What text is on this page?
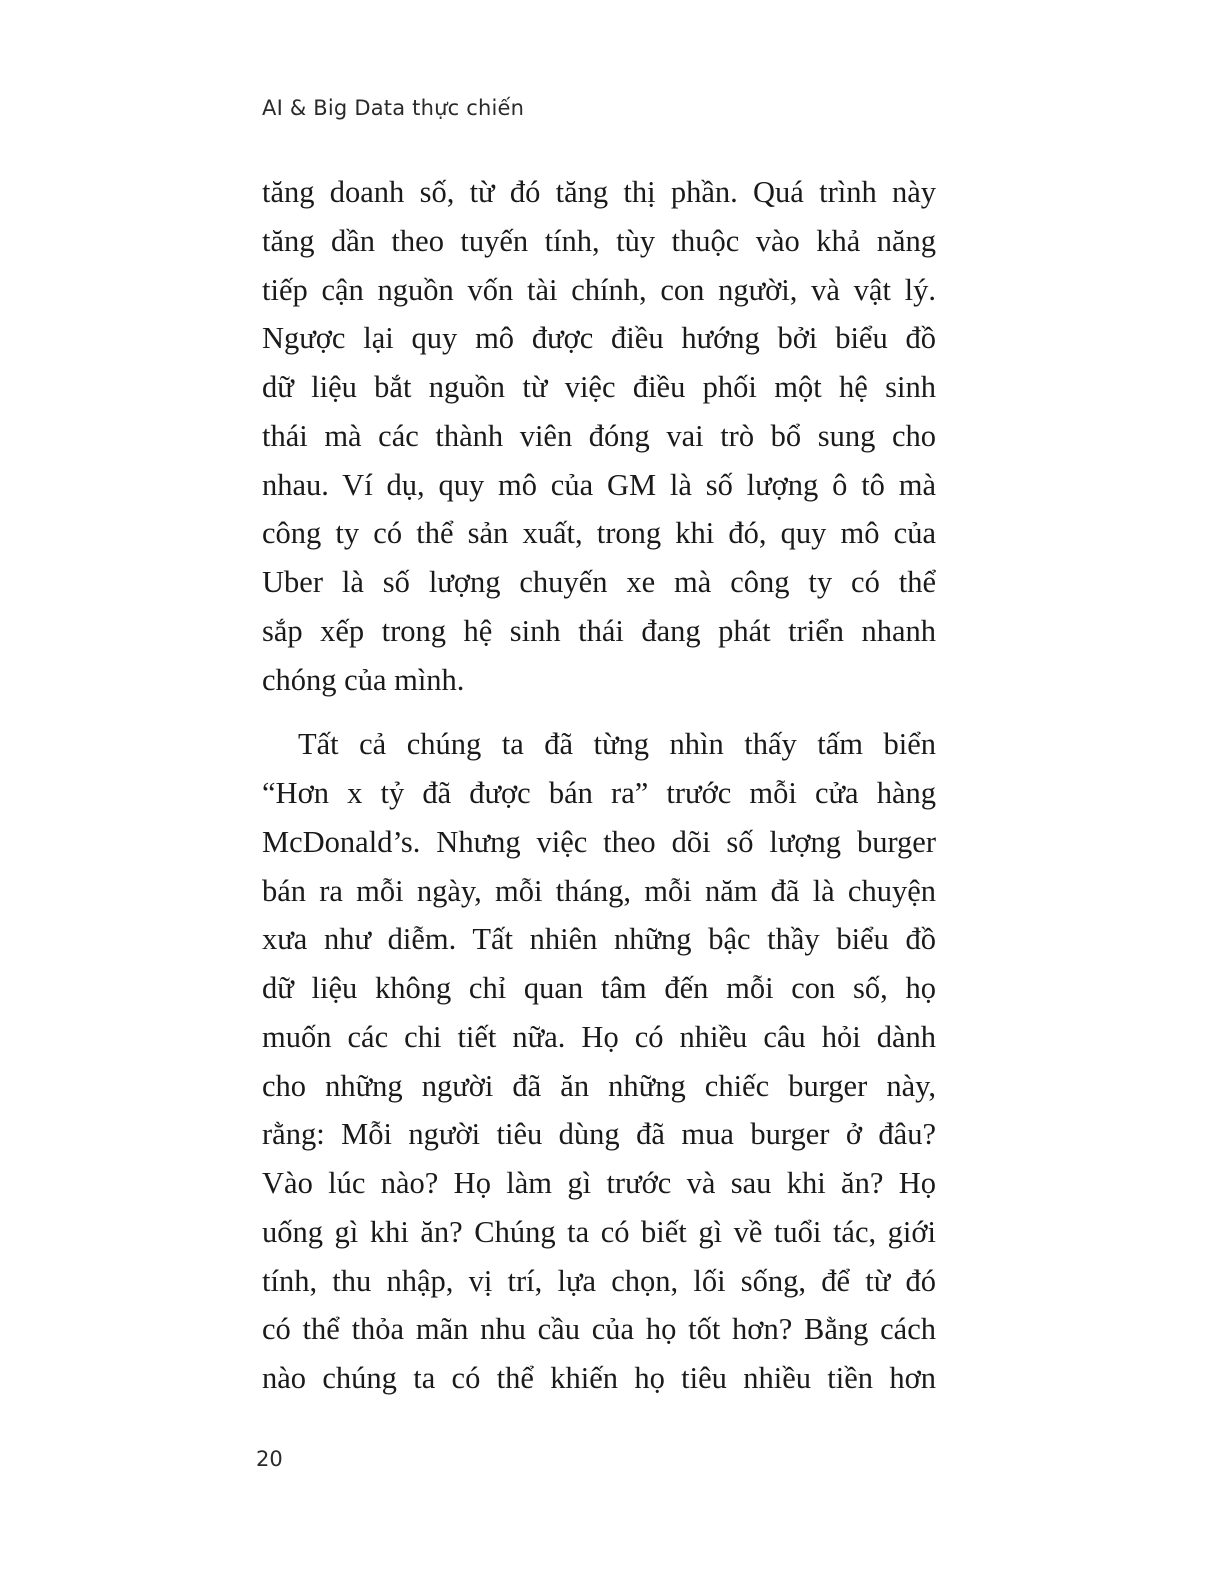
AI & Big Data thực chiến
tăng doanh số, từ đó tăng thị phần. Quá trình này
tăng dần theo tuyến tính, tùy thuộc vào khả năng
tiếp cận nguồn vốn tài chính, con người, và vật lý.
Ngược lại quy mô được điều hướng bởi biểu đồ
dữ liệu bắt nguồn từ việc điều phối một hệ sinh
thái mà các thành viên đóng vai trò bổ sung cho
nhau. Ví dụ, quy mô của GM là số lượng ô tô mà
công ty có thể sản xuất, trong khi đó, quy mô của
Uber là số lượng chuyến xe mà công ty có thể
sắp xếp trong hệ sinh thái đang phát triển nhanh
chóng của mình.
Tất cả chúng ta đã từng nhìn thấy tấm biển
“Hơn x tỷ đã được bán ra” trước mỗi cửa hàng
McDonald’s. Nhưng việc theo dõi số lượng burger
bán ra mỗi ngày, mỗi tháng, mỗi năm đã là chuyện
xưa như diễm. Tất nhiên những bậc thầy biểu đồ
dữ liệu không chỉ quan tâm đến mỗi con số, họ
muốn các chi tiết nữa. Họ có nhiều câu hỏi dành
cho những người đã ăn những chiếc burger này,
rằng: Mỗi người tiêu dùng đã mua burger ở đâu?
Vào lúc nào? Họ làm gì trước và sau khi ăn? Họ
uống gì khi ăn? Chúng ta có biết gì về tuổi tác, giới
tính, thu nhập, vị trí, lựa chọn, lối sống, để từ đó
có thể thỏa mãn nhu cầu của họ tốt hơn? Bằng cách
nào chúng ta có thể khiến họ tiêu nhiều tiền hơn
20
